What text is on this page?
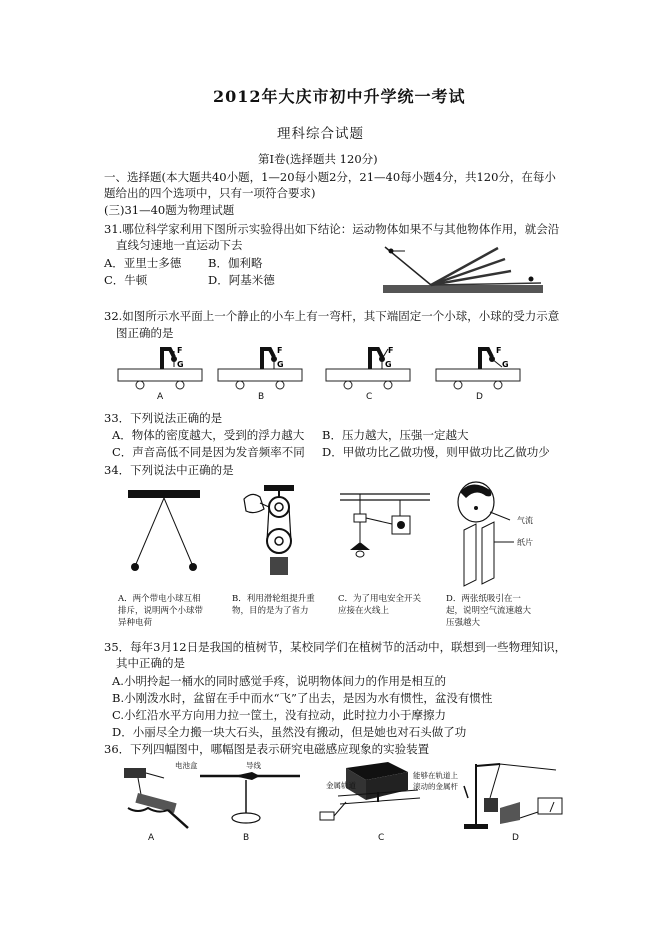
2012年大庆市初中升学统一考试
理科综合试题
第Ⅰ卷(选择题共 120分)
一、选择题(本大题共40小题，1—20每小题2分，21—40每小题4分，共120分，在每小
题给出的四个选项中，只有一项符合要求)
(三)31—40题为物理试题
31.哪位科学家利用下图所示实验得出如下结论：运动物体如果不与其他物体作用，就会沿
直线匀速地一直运动下去
A．亚里士多德 B．伽利略
C．牛顿	D．阿基米德
32.如图所示水平面上一个静止的小车上有一弯杆，其下端固定一个小球，小球的受力示意
图正确的是
F
G
F
G
F
G
F
G
A	B	C	D
33．下列说法正确的是
A．物体的密度越大，受到的浮力越大 B．压力越大，压强一定越大
C．声音高低不同是因为发音频率不同 D．甲做功比乙做功慢，则甲做功比乙做功少
34．下列说法中正确的是
A．两个带电小球互相排斥，说明两个小球带异种电荷
B．利用滑轮组提升重物，目的是为了省力
C．为了用电安全开关应接在火线上
气流
纸片
D．两张纸吸引在一起，说明空气流速越大压强越大
35．每年3月12日是我国的植树节，某校同学们在植树节的活动中，联想到一些物理知识，
其中正确的是
A.小明拎起一桶水的同时感觉手疼，说明物体间力的作用是相互的
B.小刚泼水时，盆留在手中而水“飞”了出去，是因为水有惯性，盆没有惯性
C.小红沿水平方向用力拉一筐土，没有拉动，此时拉力小于摩擦力
D．小丽尽全力搬一块大石头，虽然没有搬动，但是她也对石头做了功
36．下列四幅图中，哪幅图是表示研究电磁感应现象的实验装置
电池盒	导线
金属轨道
能够在轨道上
滚动的金属杆
A	B	C	D
